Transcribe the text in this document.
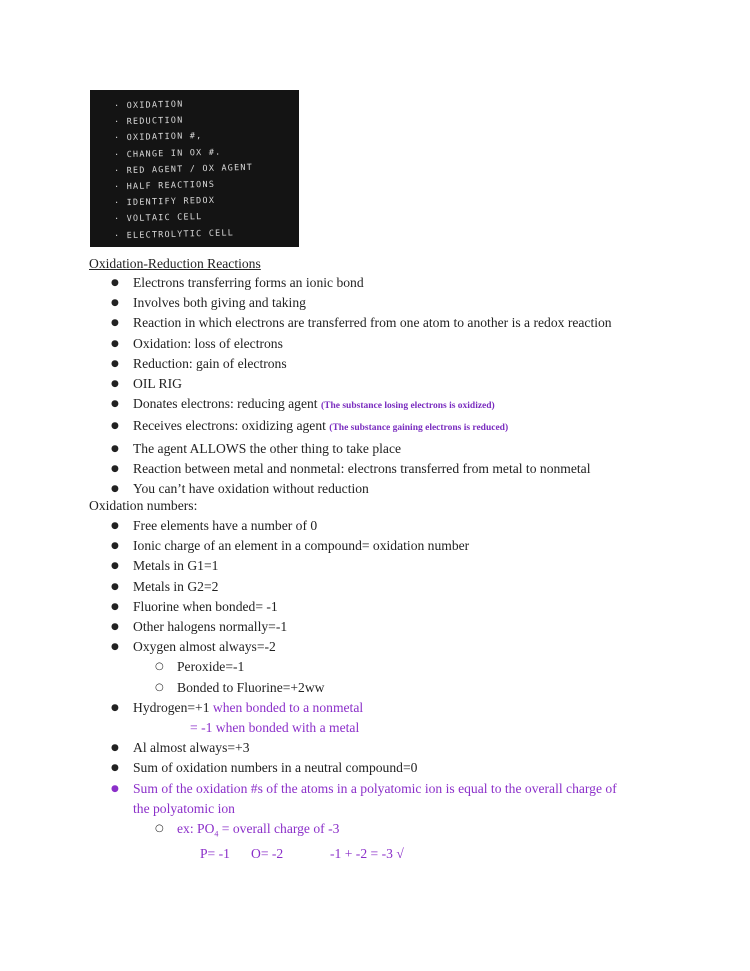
· OXIDATION
· REDUCTION
· OXIDATION #,
· CHANGE IN OX #.
· RED AGENT / OX AGENT
· HALF REACTIONS
· IDENTIFY REDOX
· VOLTAIC CELL
· ELECTROLYTIC CELL
Oxidation-Reduction Reactions
● Electrons transferring forms an ionic bond
● Involves both giving and taking
● Reaction in which electrons are transferred from one atom to another is a redox reaction
● Oxidation: loss of electrons
● Reduction: gain of electrons
● OIL RIG
● Donates electrons: reducing agent (The substance losing electrons is oxidized)
● Receives electrons: oxidizing agent (The substance gaining electrons is reduced)
● The agent ALLOWS the other thing to take place
● Reaction between metal and nonmetal: electrons transferred from metal to nonmetal
● You can’t have oxidation without reduction
Oxidation numbers:
● Free elements have a number of 0
● Ionic charge of an element in a compound= oxidation number
● Metals in G1=1
● Metals in G2=2
● Fluorine when bonded= -1
● Other halogens normally=-1
● Oxygen almost always=-2
○ Peroxide=-1
○ Bonded to Fluorine=+2ww
● Hydrogen=+1 when bonded to a nonmetal
= -1 when bonded with a metal
● Al almost always=+3
● Sum of oxidation numbers in a neutral compound=0
● Sum of the oxidation #s of the atoms in a polyatomic ion is equal to the overall charge of
the polyatomic ion
○ ex: $PO_4$ = overall charge of -3
P= -1 O= -2	-1 + -2 = -3 √
